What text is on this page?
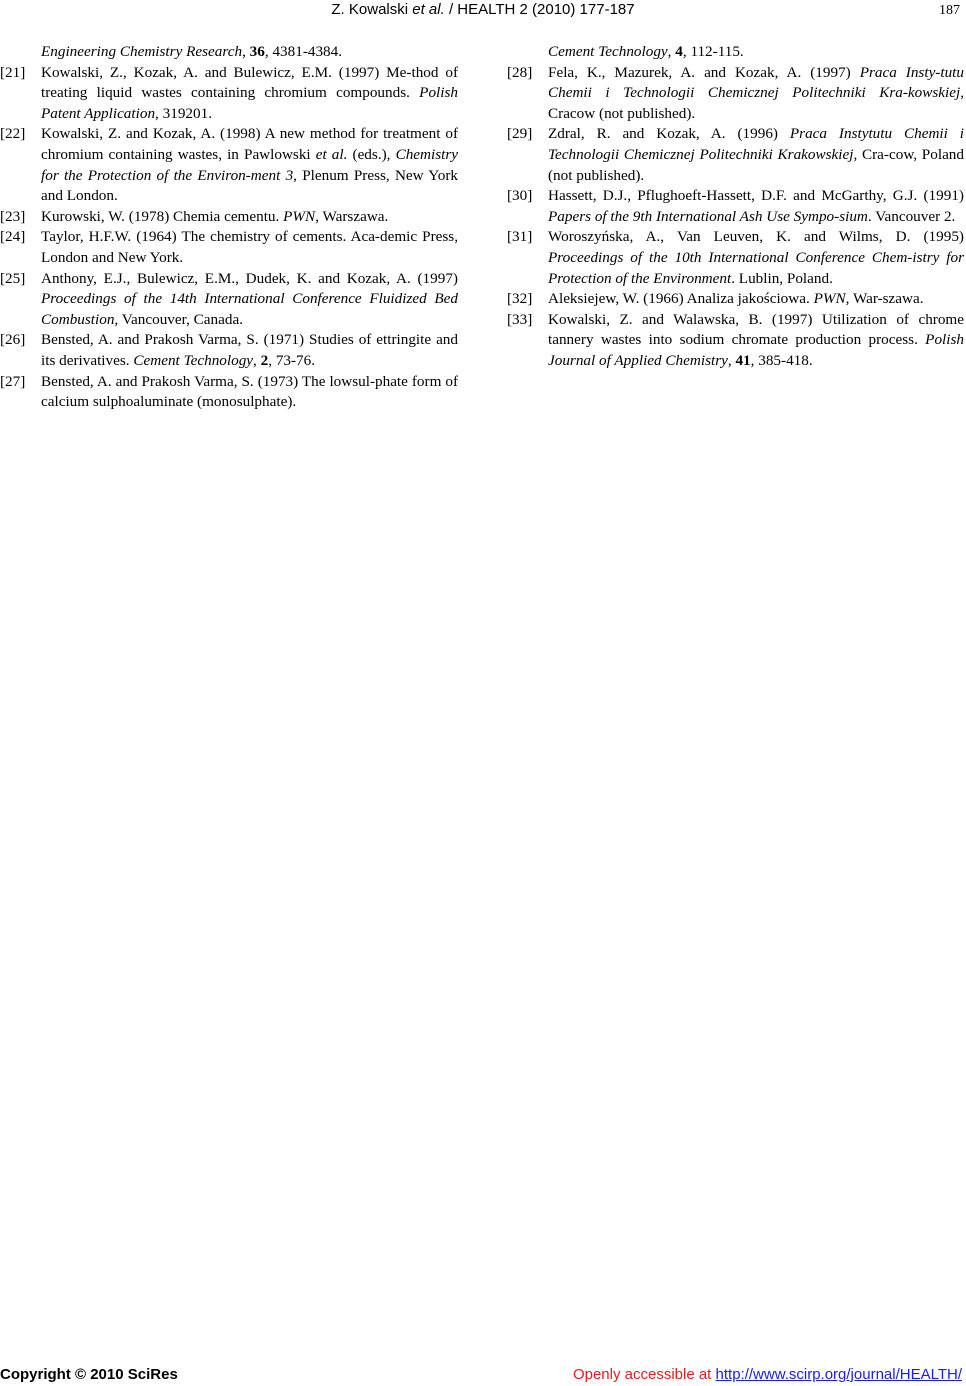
Z. Kowalski et al. / HEALTH 2 (2010) 177-187	187
Engineering Chemistry Research, 36, 4381-4384.
[21]	Kowalski, Z., Kozak, A. and Bulewicz, E.M. (1997) Me-thod of treating liquid wastes containing chromium compounds. Polish Patent Application, 319201.
[22]	Kowalski, Z. and Kozak, A. (1998) A new method for treatment of chromium containing wastes, in Pawlowski et al. (eds.), Chemistry for the Protection of the Environ-ment 3, Plenum Press, New York and London.
[23]	Kurowski, W. (1978) Chemia cementu. PWN, Warszawa.
[24]	Taylor, H.F.W. (1964) The chemistry of cements. Aca-demic Press, London and New York.
[25]	Anthony, E.J., Bulewicz, E.M., Dudek, K. and Kozak, A. (1997) Proceedings of the 14th International Conference Fluidized Bed Combustion, Vancouver, Canada.
[26]	Bensted, A. and Prakosh Varma, S. (1971) Studies of ettringite and its derivatives. Cement Technology, 2, 73-76.
[27]	Bensted, A. and Prakosh Varma, S. (1973) The lowsul-phate form of calcium sulphoaluminate (monosulphate).
Cement Technology, 4, 112-115.
[28]	Fela, K., Mazurek, A. and Kozak, A. (1997) Praca Insty-tutu Chemii i Technologii Chemicznej Politechniki Kra-kowskiej, Cracow (not published).
[29]	Zdral, R. and Kozak, A. (1996) Praca Instytutu Chemii i Technologii Chemicznej Politechniki Krakowskiej, Cra-cow, Poland (not published).
[30]	Hassett, D.J., Pflughoeft-Hassett, D.F. and McGarthy, G.J. (1991) Papers of the 9th International Ash Use Sympo-sium. Vancouver 2.
[31]	Woroszyńska, A., Van Leuven, K. and Wilms, D. (1995) Proceedings of the 10th International Conference Chem-istry for Protection of the Environment. Lublin, Poland.
[32]	Aleksiejew, W. (1966) Analiza jakościowa. PWN, War-szawa.
[33]	Kowalski, Z. and Walawska, B. (1997) Utilization of chrome tannery wastes into sodium chromate production process. Polish Journal of Applied Chemistry, 41, 385-418.
Copyright © 2010 SciRes	Openly accessible at http://www.scirp.org/journal/HEALTH/
